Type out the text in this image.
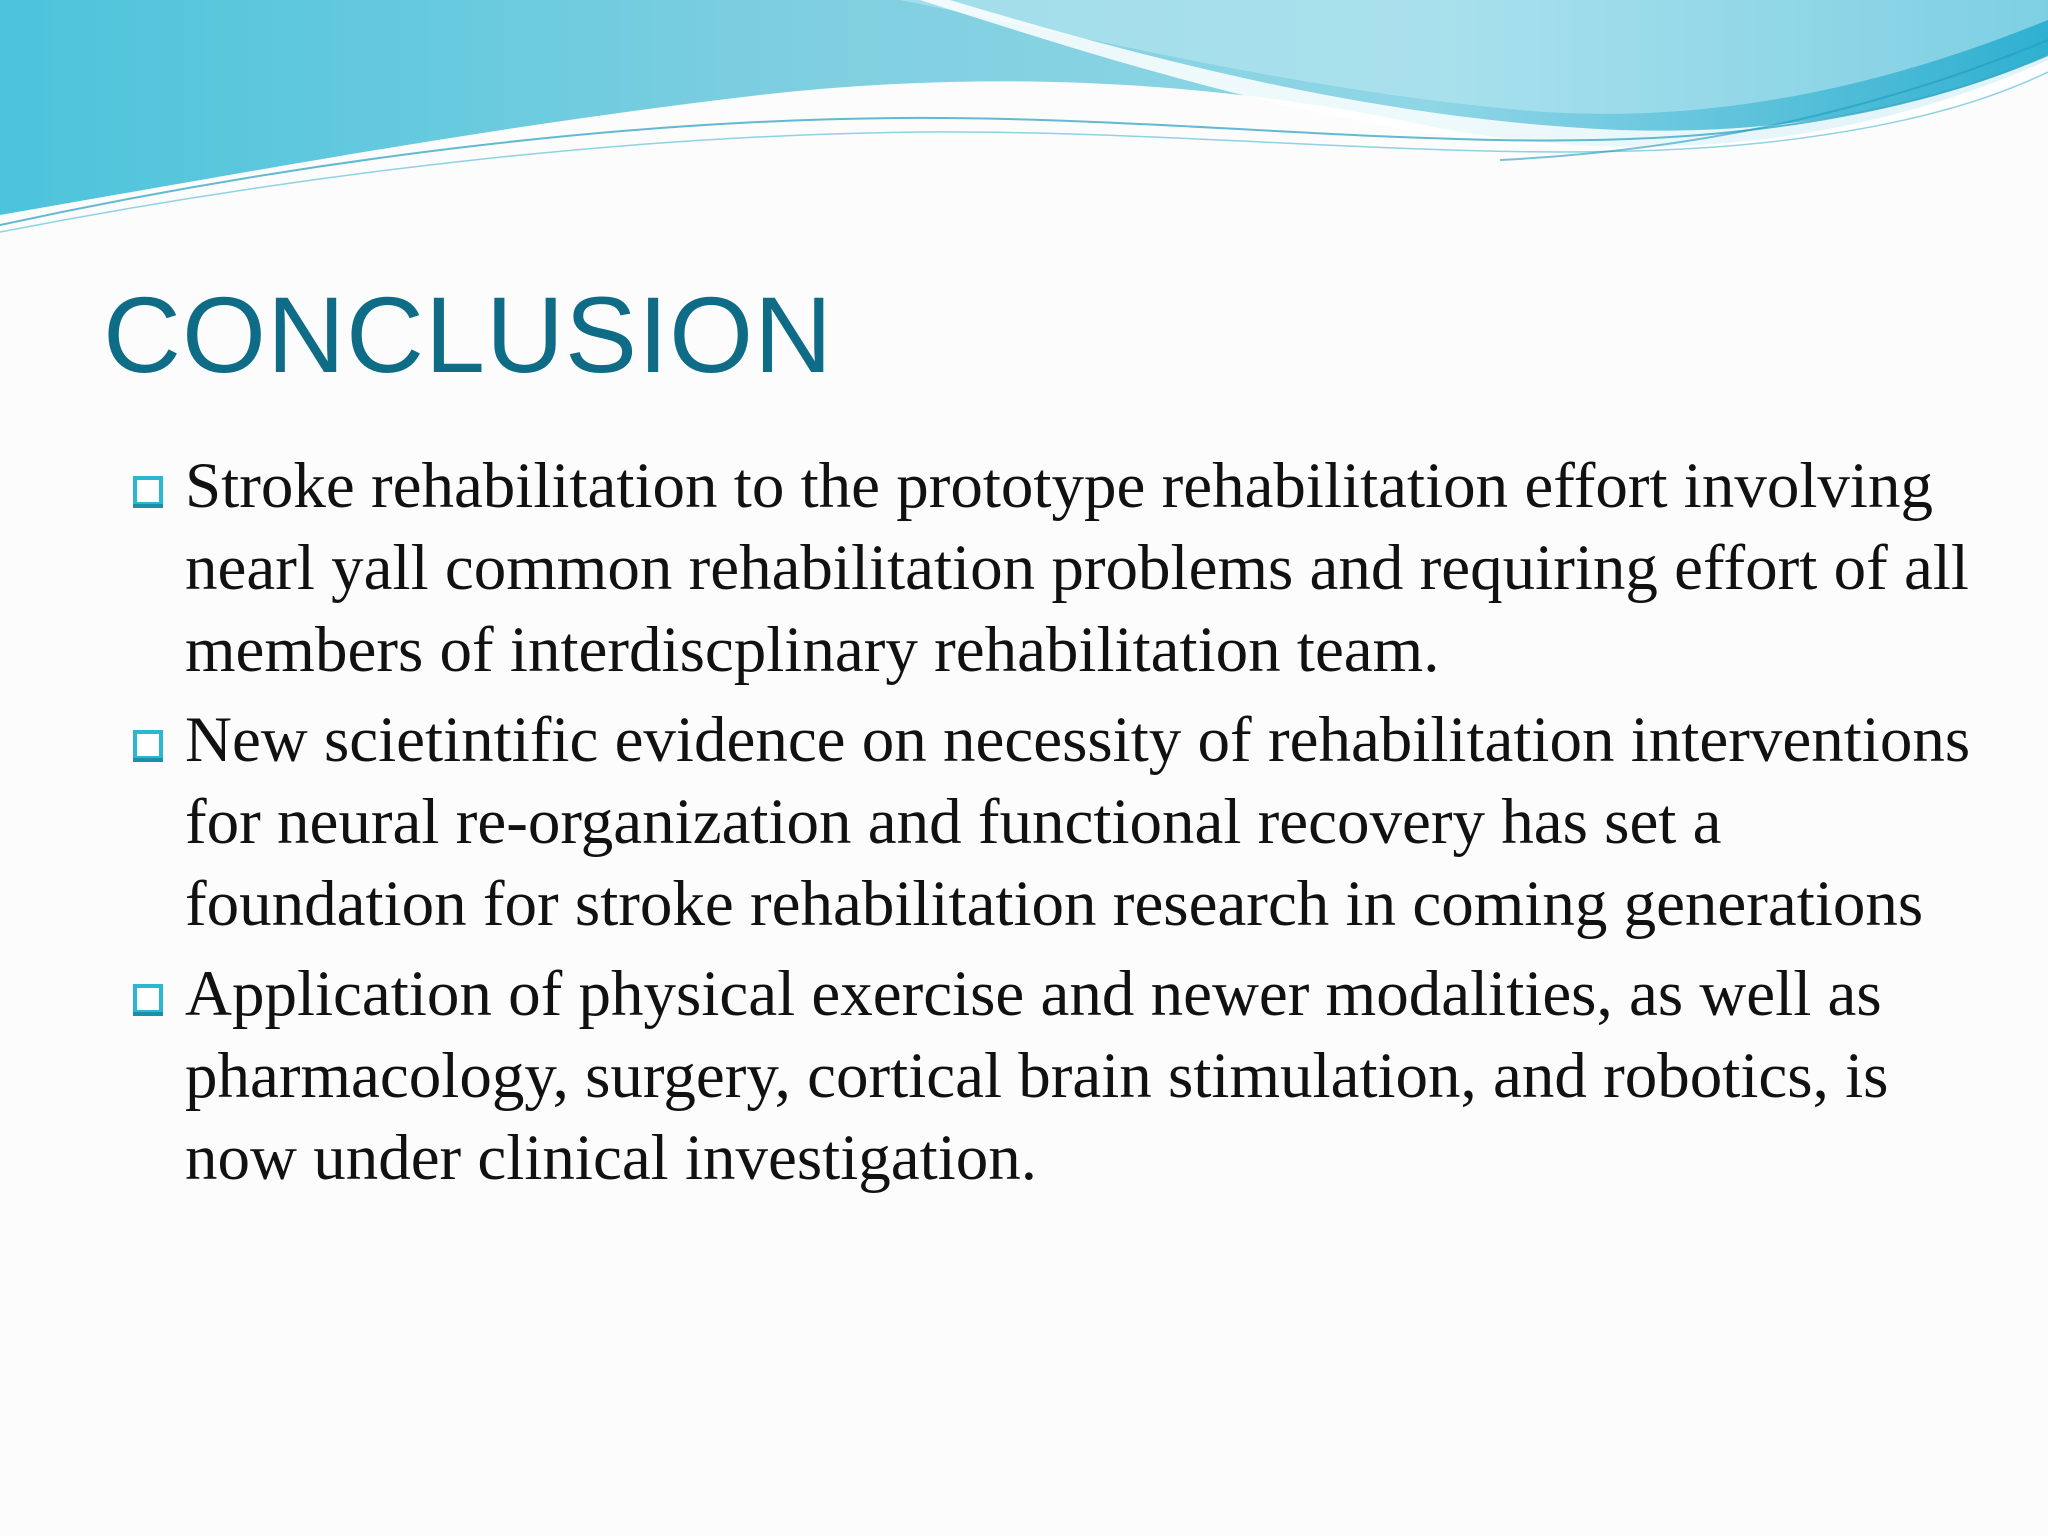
CONCLUSION
Stroke rehabilitation to the prototype rehabilitation effort involving nearl yall common rehabilitation problems and requiring effort of all members of interdiscplinary rehabilitation team.
New scietintific evidence on necessity of rehabilitation interventions for neural re-organization and functional recovery has set a foundation for stroke rehabilitation research in coming generations
Application of physical exercise and newer modalities, as well as pharmacology, surgery, cortical brain stimulation, and robotics, is now under clinical investigation.
